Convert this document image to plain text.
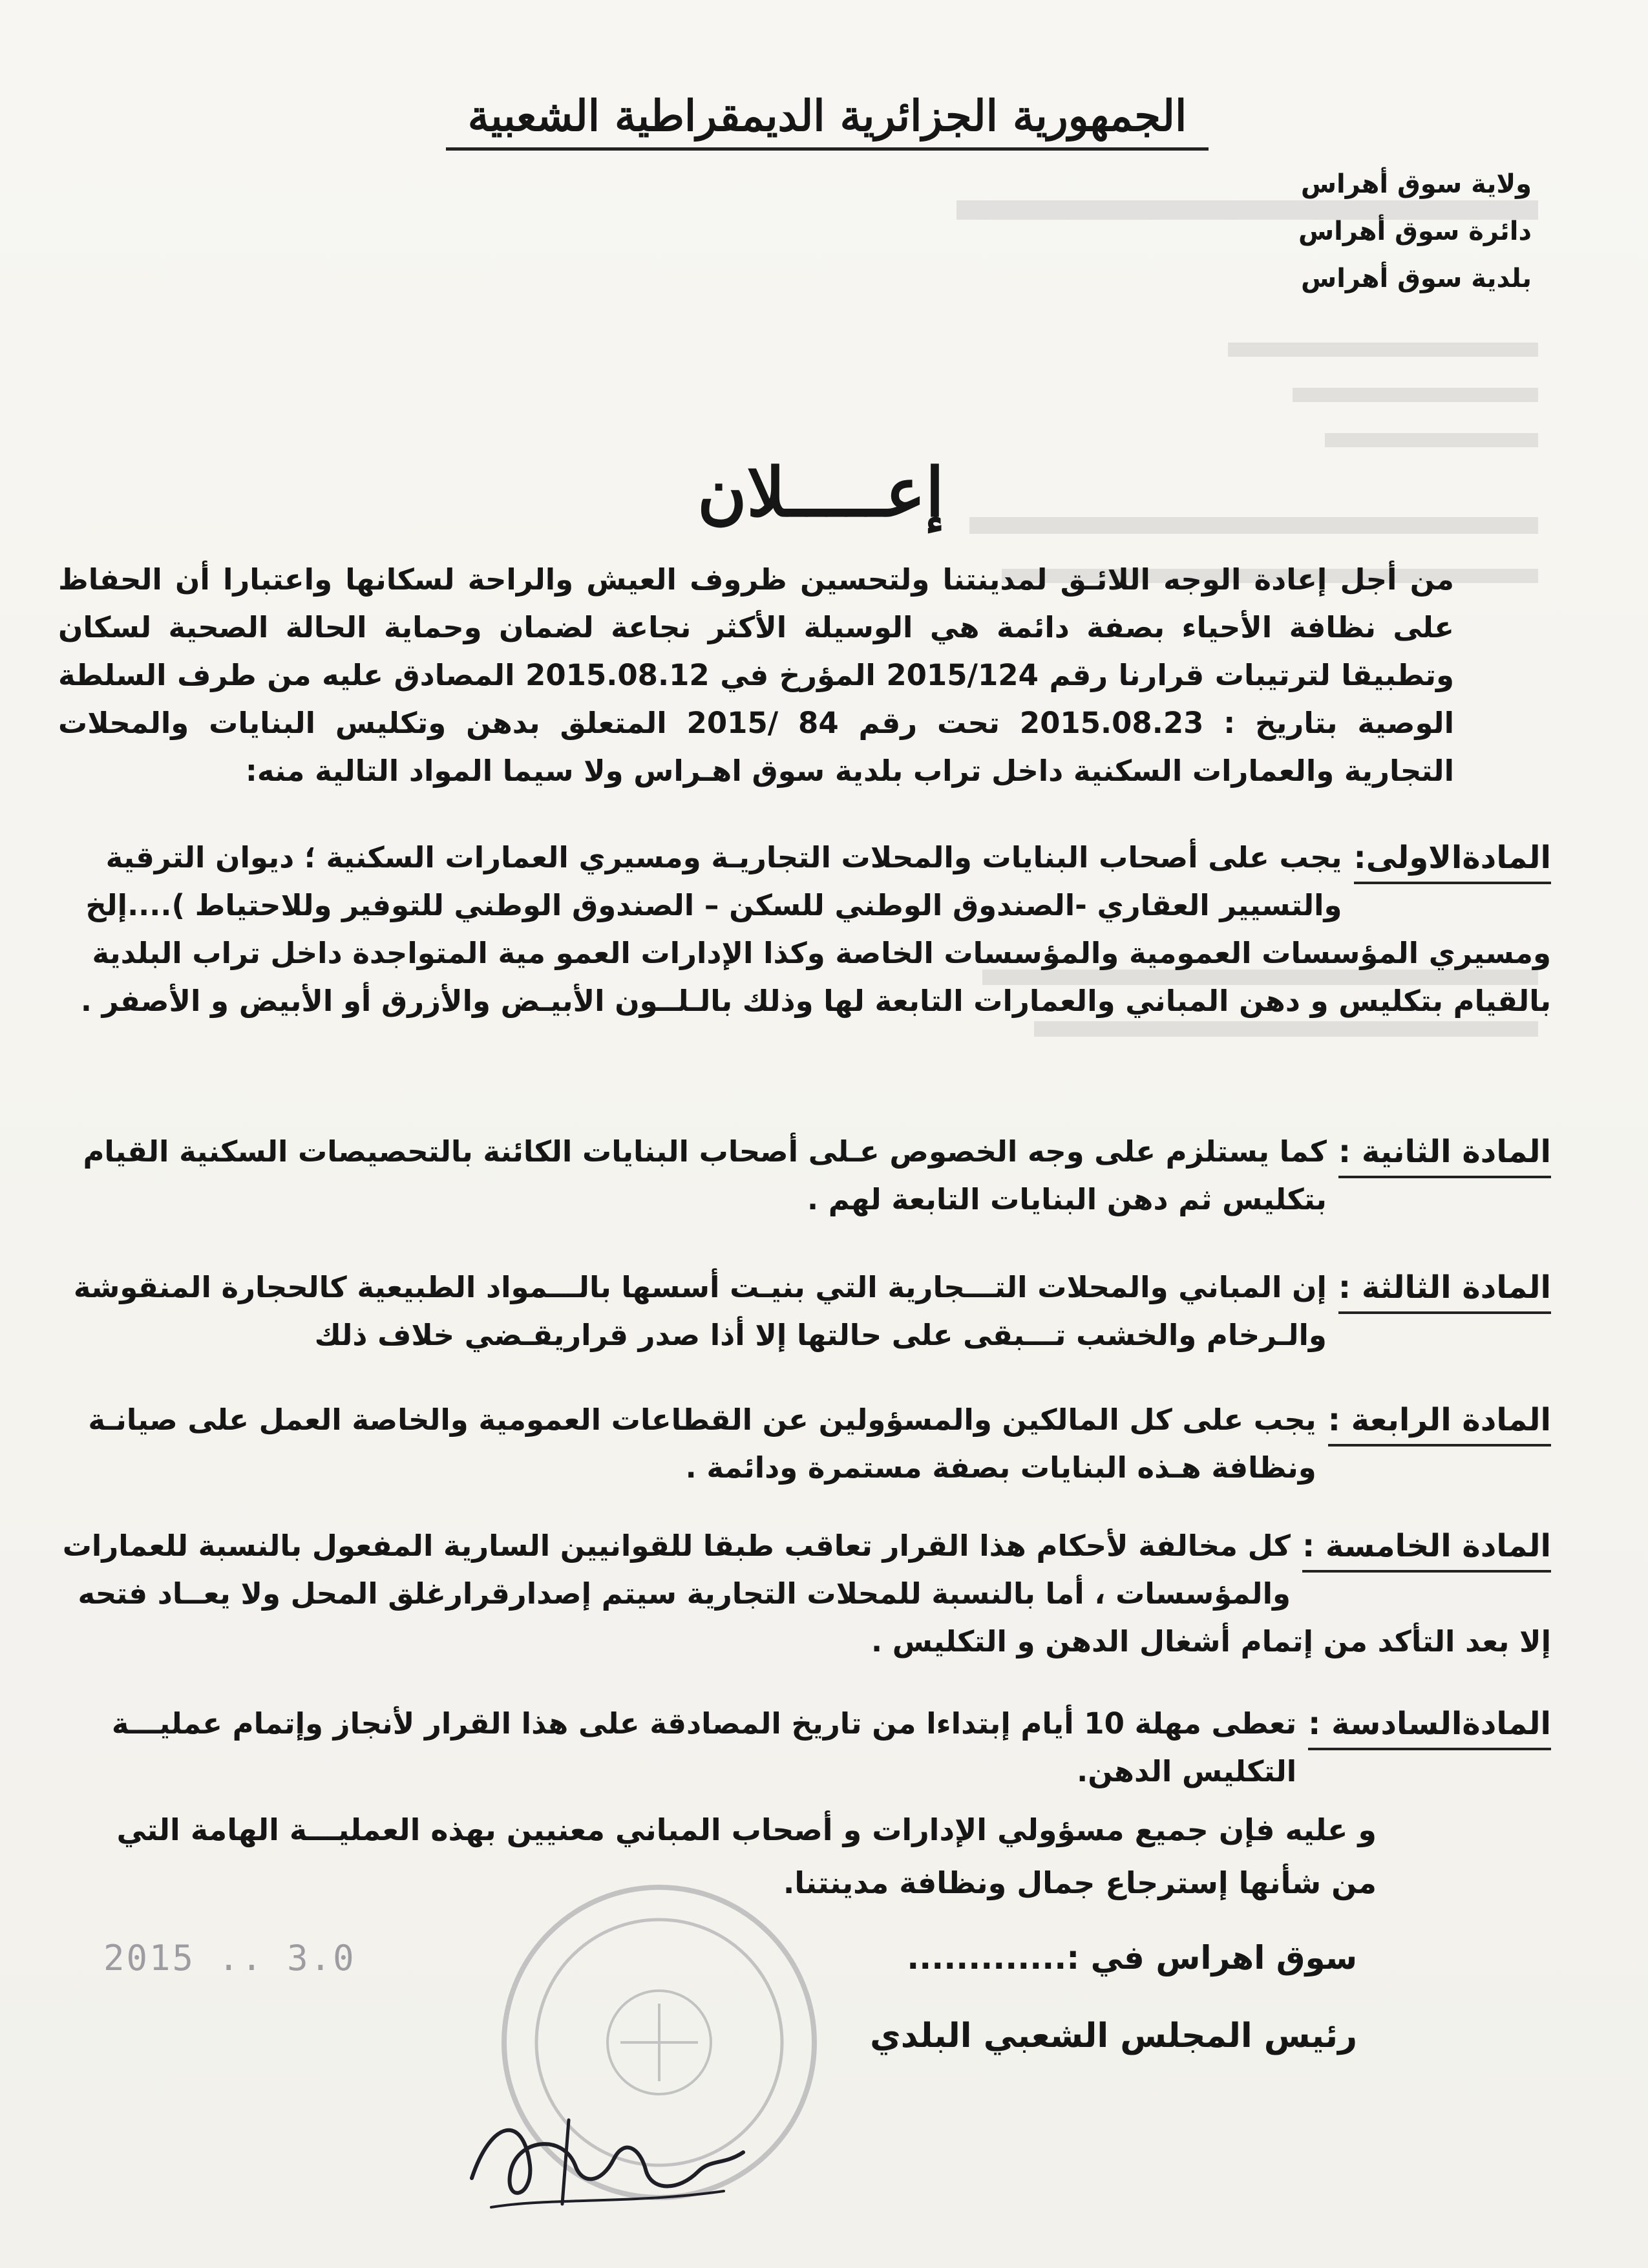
الجمهورية الجزائرية الديمقراطية الشعبية
ولاية سوق أهراس
دائرة سوق أهراس
بلدية سوق أهراس
إعـــــلان
من أجل إعادة الوجه اللائـق لمدينتنا ولتحسين ظروف العيش والراحة لسكانها واعتبارا أن الحفاظ على نظافة الأحياء بصفة دائمة هي الوسيلة الأكثر نجاعة لضمان وحماية الحالة الصحية لسكان وتطبيقا لترتيبات قرارنا رقم 2015/124 المؤرخ في 2015.08.12 المصادق عليه من طرف السلطة الوصية بتاريخ : 2015.08.23 تحت رقم 84 /2015 المتعلق بدهن وتكليس البنايات والمحلات التجارية والعمارات السكنية داخل تراب بلدية سوق اهـراس ولا سيما المواد التالية منه:
المادةالاولى:
يجب على أصحاب البنايات والمحلات التجاريـة ومسيري العمارات السكنية ؛ ديوان الترقية والتسيير العقاري -الصندوق الوطني للسكن – الصندوق الوطني للتوفير وللاحتياط )....إلخ ومسيري المؤسسات العمومية والمؤسسات الخاصة وكذا الإدارات العمو مية المتواجدة داخل تراب البلدية بالقيام بتكليس و دهن المباني والعمارات التابعة لها وذلك بالـلــون الأبيـض والأزرق أو الأبيض و الأصفر .
المادة الثانية :
كما يستلزم على وجه الخصوص عـلى أصحاب البنايات الكائنة بالتحصيصات السكنية القيام بتكليس ثم دهن البنايات التابعة لهم .
المادة الثالثة :
إن المباني والمحلات التـــجارية التي بنيـت أسسها بالـــمواد الطبيعية كالحجارة المنقوشة والـرخام والخشب تـــبقى على حالتها إلا أذا صدر قراريقـضي خلاف ذلك
المادة الرابعة :
يجب على كل المالكين والمسؤولين عن القطاعات العمومية والخاصة العمل على صيانـة ونظافة هـذه البنايات بصفة مستمرة ودائمة .
المادة الخامسة :
كل مخالفة لأحكام هذا القرار تعاقب طبقا للقوانيين السارية المفعول بالنسبة للعمارات والمؤسسات ، أما بالنسبة للمحلات التجارية سيتم إصدارقرارغلق المحل ولا يعــاد فتحه إلا بعد التأكد من إتمام أشغال الدهن و التكليس .
المادةالسادسة :
تعطى مهلة 10 أيام إبتداءا من تاريخ المصادقة على هذا القرار لأنجاز وإتمام عمليـــة التكليس الدهن.
و عليه فإن جميع مسؤولي الإدارات و أصحاب المباني معنيين بهذه العمليـــة الهامة التي من شأنها إسترجاع جمال ونظافة مدينتنا.
2015 .. 3.0	سوق اهراس في :.............
رئيس المجلس الشعبي البلدي
